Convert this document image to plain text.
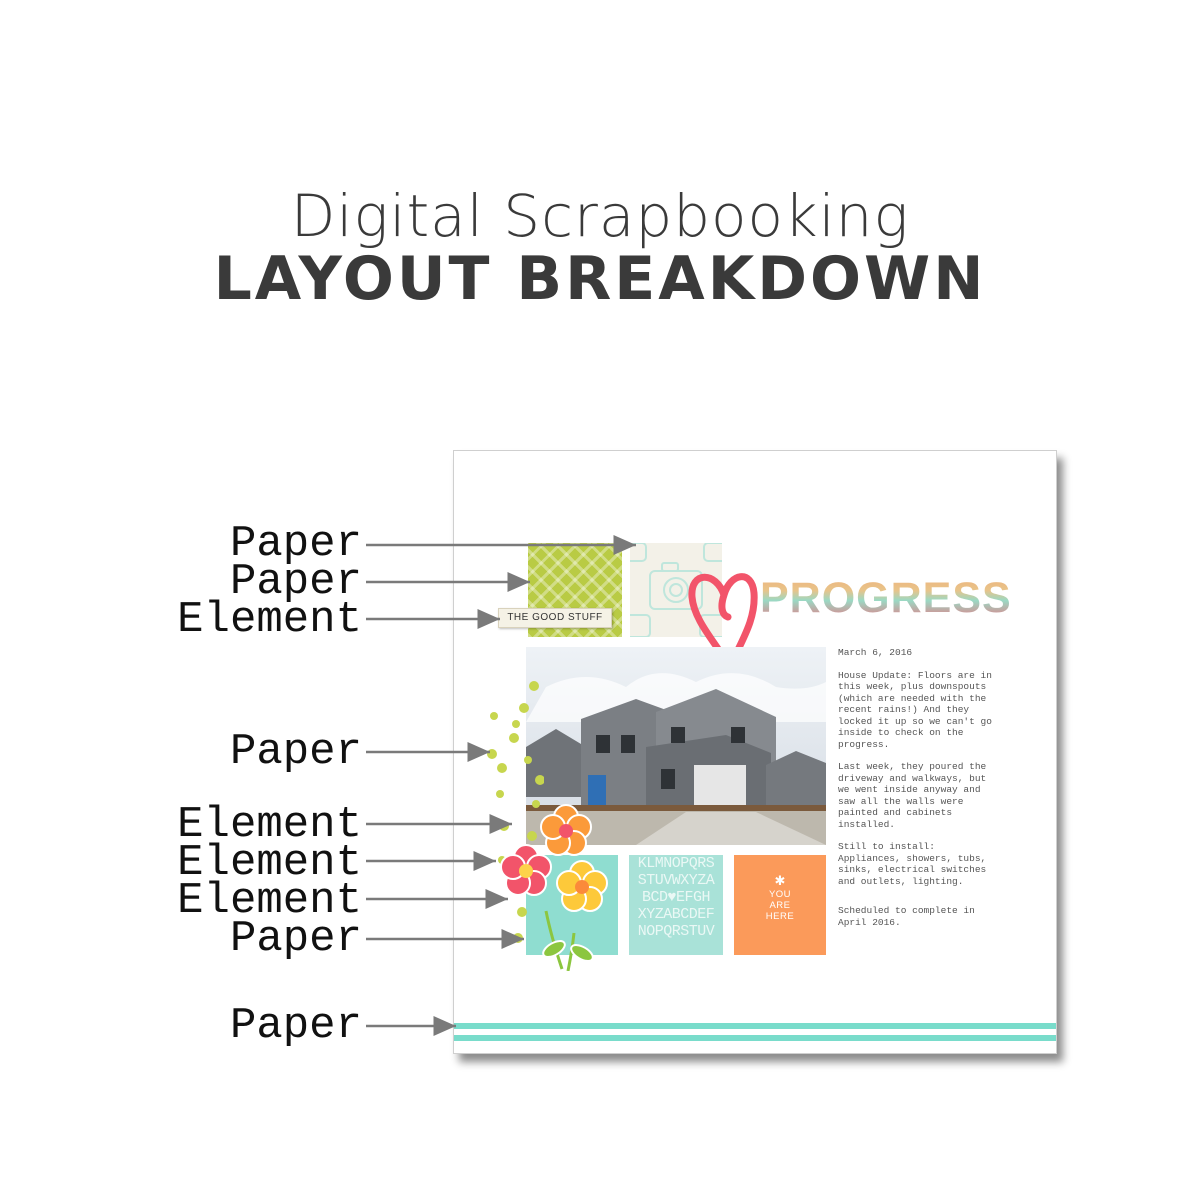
Digital Scrapbooking
LAYOUT BREAKDOWN
Paper
Paper
Element
Paper
Element
Element
Element
Paper
Paper
THE GOOD STUFF	PROGRESS

March 6, 2016

House Update: Floors are in this week, plus downspouts (which are needed with the recent rains!) And they locked it up so we can't go inside to check on the progress.

Last week, they poured the driveway and walkways, but we went inside anyway and saw all the walls were painted and cabinets installed.

Still to install: Appliances, showers, tubs, sinks, electrical switches and outlets, lighting.

Scheduled to complete in April 2016.

KLMNOPQRS
STUVWXYZA
BCD♥EFGH
XYZABCDEF
NOPQRSTUV
✱
YOU
ARE
HERE
